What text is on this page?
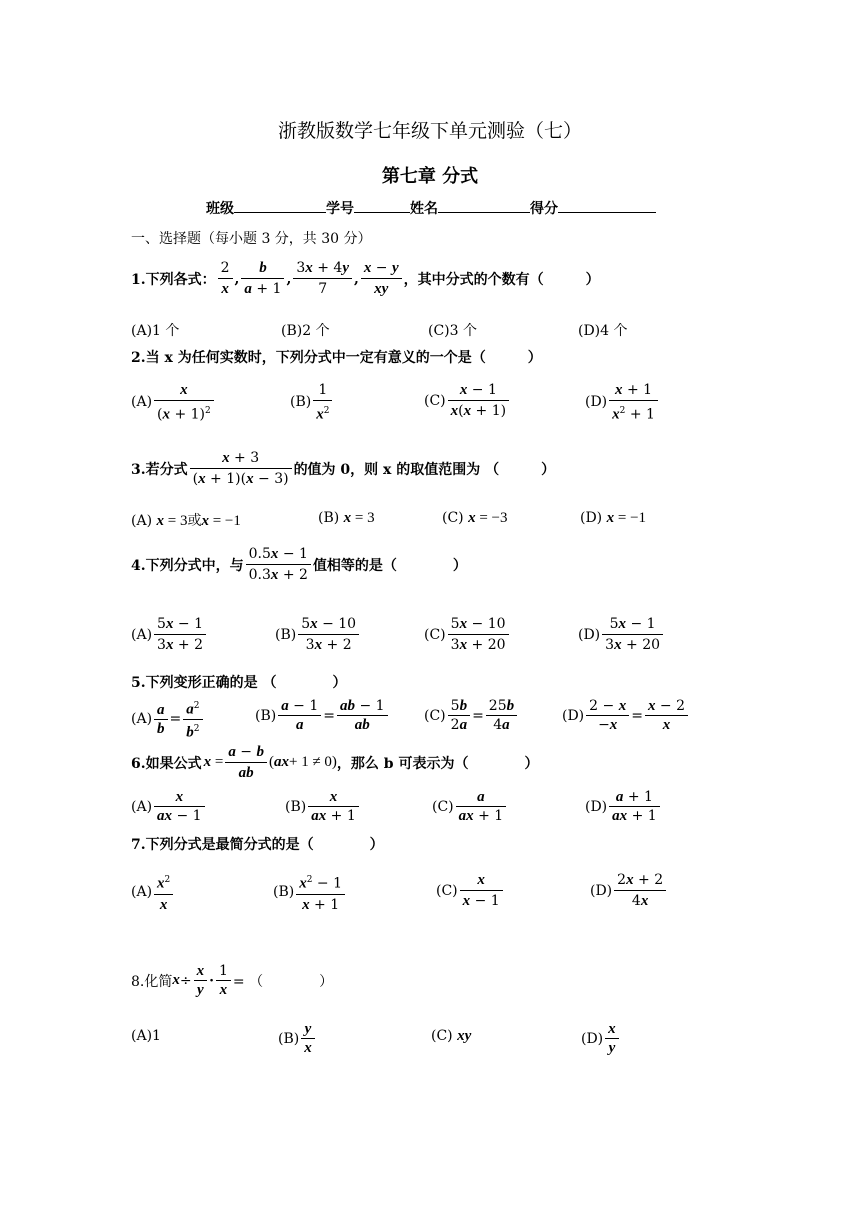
浙教版数学七年级下单元测验（七）
第七章 分式
班级	学号	姓名	得分
一、选择题（每小题 3 分，共 30 分）
1.下列各式：
2
x
,
b
a + 1
,
3x + 4y
7
,
x − y
xy
，其中分式的个数有（　　　）
(A)1 个	(B)2 个	(C)3 个	(D)4 个
2.当 x 为任何实数时，下列分式中一定有意义的一个是（　　　）
(A)
x
$(x + 1)^2$
(B)
1
$x^2$
(C)
x − 1
x(x + 1)
(D)
x + 1
$x^2 + 1$
3.若分式
x + 3
(x + 1)(x − 3)
的值为 0，则 x 的取值范围为 （　　　）
(A) x = 3或x = −1	(B) x = 3	(C) x = −3	(D) x = −1
4.下列分式中，与
0.5x − 1
0.3x + 2
值相等的是（　　　　）
(A)
5x − 1
3x + 2
(B)
5x − 10
3x + 2
(C)
5x − 10
3x + 20
(D)
5x − 1
3x + 20
5.下列变形正确的是 （　　　　）
$(A) \frac{a}{b} = \frac{a^2}{b^2}$	$(B) \frac{a - 1}{a} = \frac{ab - 1}{ab}$	$(C) \frac{5b}{2a} = \frac{25b}{4a}$	$(D) \frac{2 - x}{-x} = \frac{x - 2}{x}$
6.如果公式 $x = \frac{a - b}{ab}$ ( ax + 1 ≠ 0) ，那么 b 可表示为（　　　　）
(A)
x
ax − 1
(B)
x
ax + 1
(C)
a
ax + 1
(D)
a + 1
ax + 1
7.下列分式是最简分式的是（　　　　）
(A)
$x^2$
x
(B)
$x^2 - 1$
x + 1
(C)
x
x − 1
(D)
2x + 2
4x
8.化简 $x \div \frac{x}{y} \cdot \frac{1}{x}$ = （　　　　）
(A)1	(B)
y
x
(C) xy	(D)
x
y
